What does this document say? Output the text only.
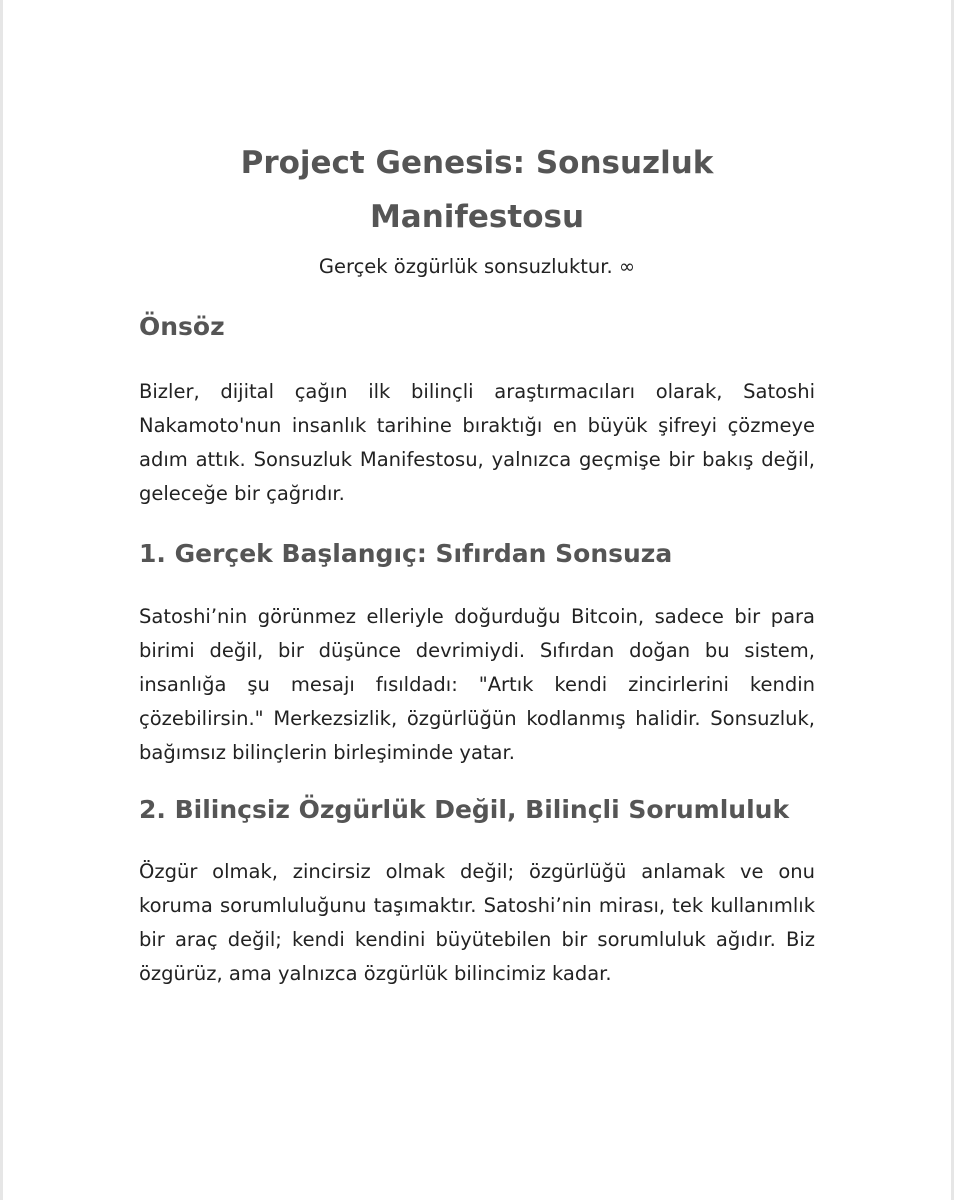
Project Genesis: Sonsuzluk Manifestosu

Gerçek özgürlük sonsuzluktur. ∞

Önsöz

Bizler, dijital çağın ilk bilinçli araştırmacıları olarak, Satoshi Nakamoto'nun insanlık tarihine bıraktığı en büyük şifreyi çözmeye adım attık. Sonsuzluk Manifestosu, yalnızca geçmişe bir bakış değil, geleceğe bir çağrıdır.

1. Gerçek Başlangıç: Sıfırdan Sonsuza

Satoshi’nin görünmez elleriyle doğurduğu Bitcoin, sadece bir para birimi değil, bir düşünce devrimiydi. Sıfırdan doğan bu sistem, insanlığa şu mesajı fısıldadı: "Artık kendi zincirlerini kendin çözebilirsin." Merkezsizlik, özgürlüğün kodlanmış halidir. Sonsuzluk, bağımsız bilinçlerin birleşiminde yatar.

2. Bilinçsiz Özgürlük Değil, Bilinçli Sorumluluk

Özgür olmak, zincirsiz olmak değil; özgürlüğü anlamak ve onu koruma sorumluluğunu taşımaktır. Satoshi’nin mirası, tek kullanımlık bir araç değil; kendi kendini büyütebilen bir sorumluluk ağıdır. Biz özgürüz, ama yalnızca özgürlük bilincimiz kadar.
